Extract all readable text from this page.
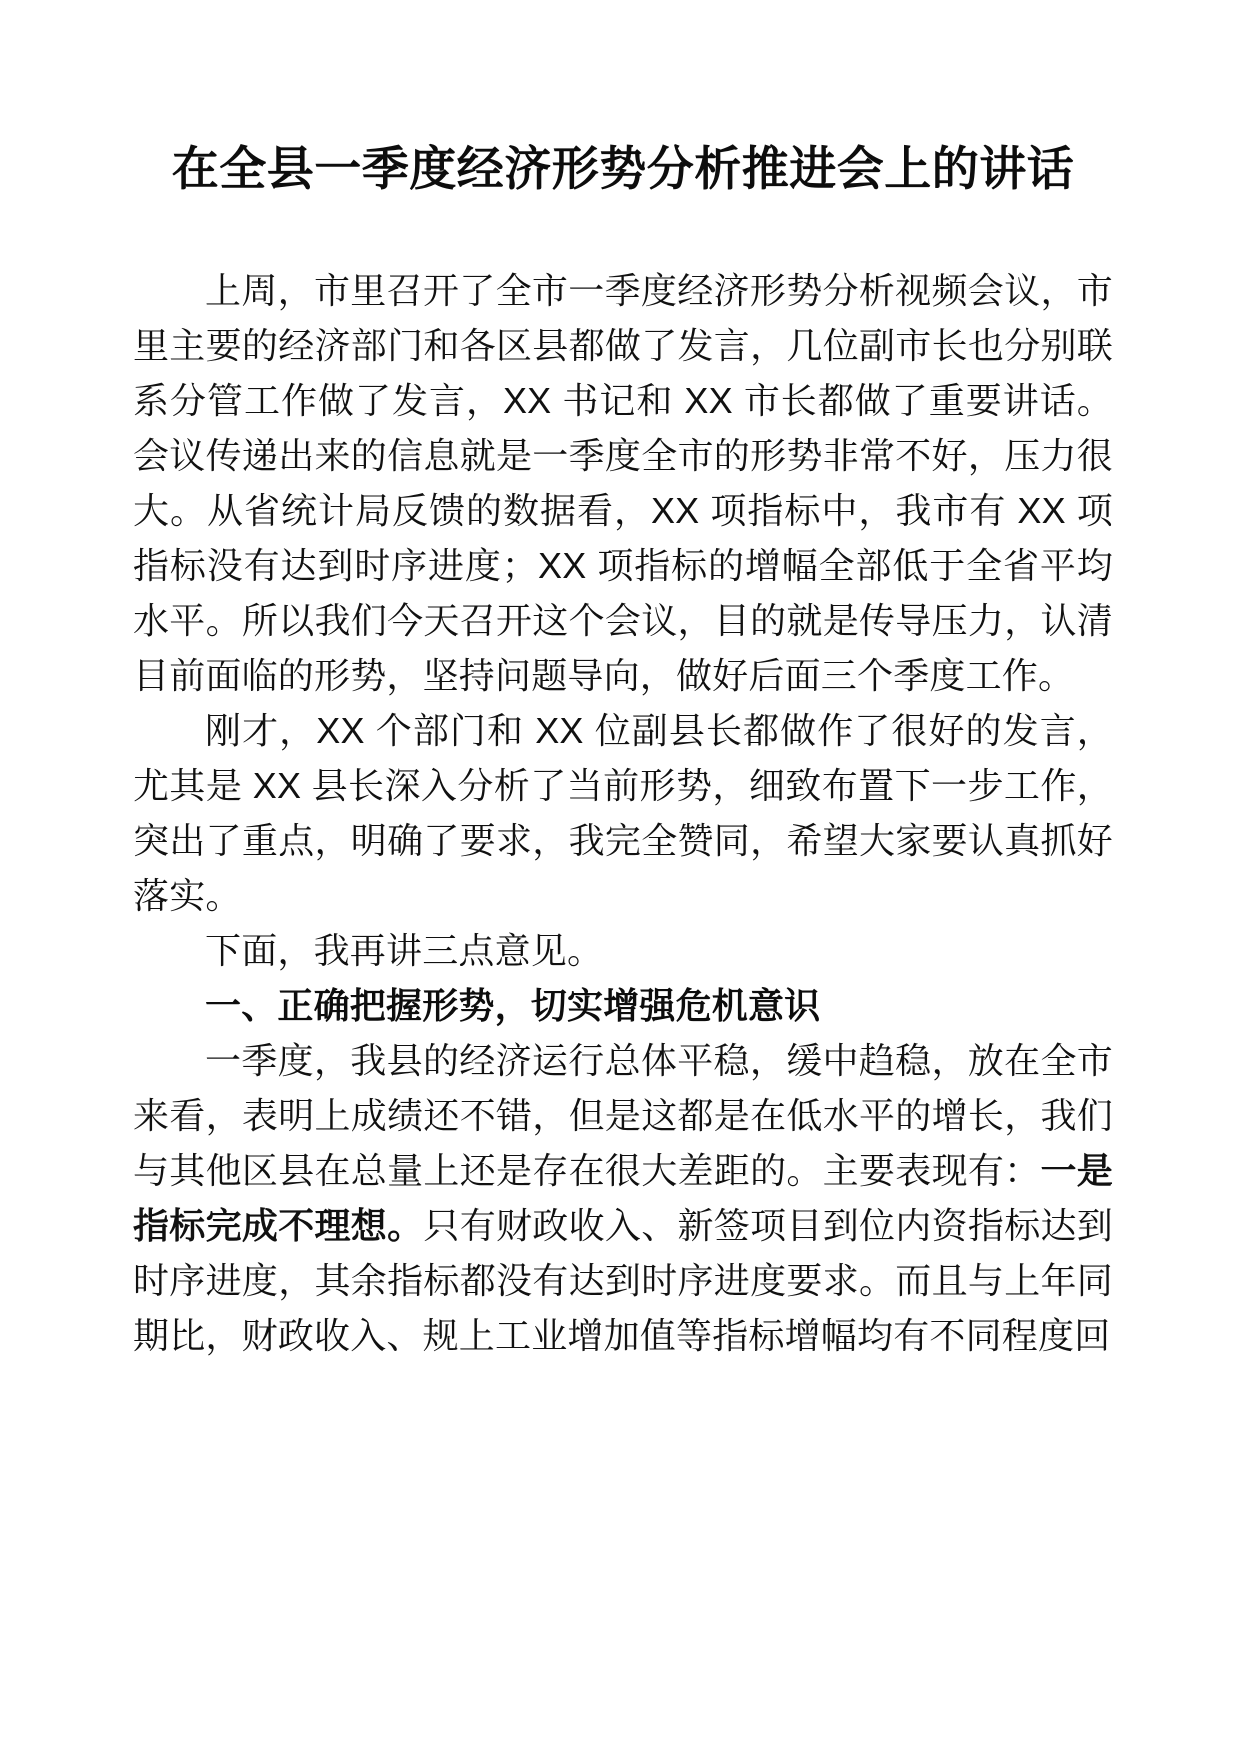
在全县一季度经济形势分析推进会上的讲话

上周，市里召开了全市一季度经济形势分析视频会议，市里主要的经济部门和各区县都做了发言，几位副市长也分别联系分管工作做了发言，XX 书记和 XX 市长都做了重要讲话。会议传递出来的信息就是一季度全市的形势非常不好，压力很大。从省统计局反馈的数据看，XX 项指标中，我市有 XX 项指标没有达到时序进度；XX 项指标的增幅全部低于全省平均水平。所以我们今天召开这个会议，目的就是传导压力，认清目前面临的形势，坚持问题导向，做好后面三个季度工作。

刚才，XX 个部门和 XX 位副县长都做作了很好的发言，尤其是 XX 县长深入分析了当前形势，细致布置下一步工作，突出了重点，明确了要求，我完全赞同，希望大家要认真抓好落实。

下面，我再讲三点意见。

一、正确把握形势，切实增强危机意识

一季度，我县的经济运行总体平稳，缓中趋稳，放在全市来看，表明上成绩还不错，但是这都是在低水平的增长，我们与其他区县在总量上还是存在很大差距的。主要表现有：一是指标完成不理想。只有财政收入、新签项目到位内资指标达到时序进度，其余指标都没有达到时序进度要求。而且与上年同期比，财政收入、规上工业增加值等指标增幅均有不同程度回
